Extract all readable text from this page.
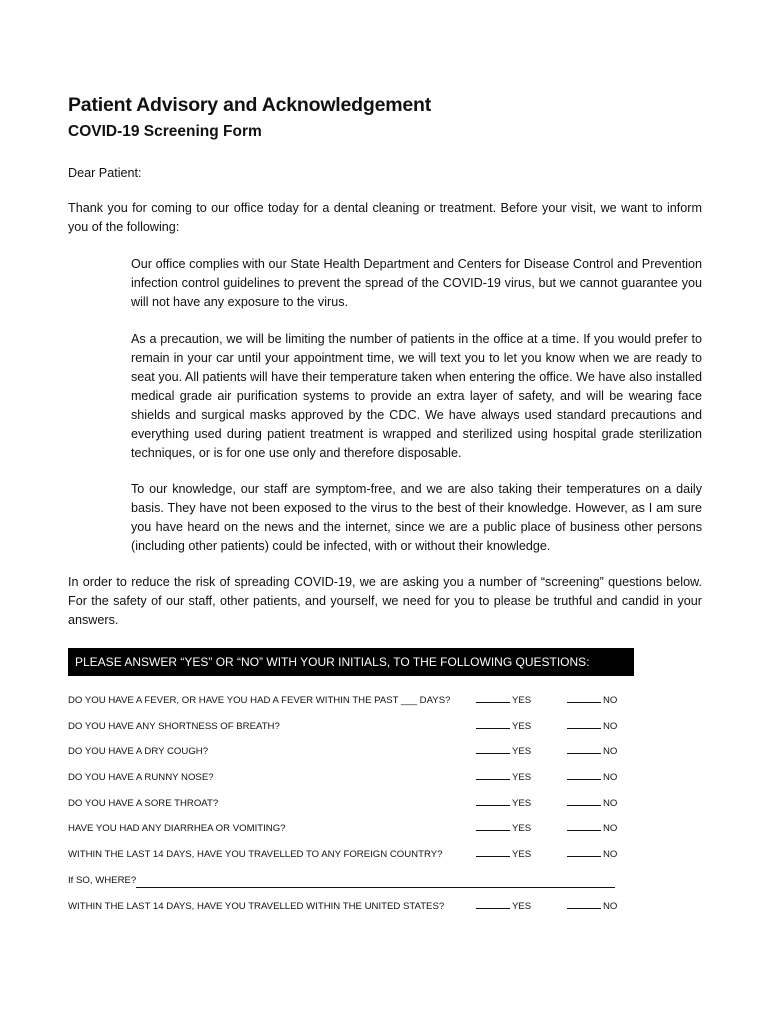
Patient Advisory and Acknowledgement
COVID-19 Screening Form

Dear Patient:

Thank you for coming to our office today for a dental cleaning or treatment. Before your visit, we want to inform you of the following:

Our office complies with our State Health Department and Centers for Disease Control and Prevention infection control guidelines to prevent the spread of the COVID-19 virus, but we cannot guarantee you will not have any exposure to the virus.

As a precaution, we will be limiting the number of patients in the office at a time. If you would prefer to remain in your car until your appointment time, we will text you to let you know when we are ready to seat you. All patients will have their temperature taken when entering the office. We have also installed medical grade air purification systems to provide an extra layer of safety, and will be wearing face shields and surgical masks approved by the CDC. We have always used standard precautions and everything used during patient treatment is wrapped and sterilized using hospital grade sterilization techniques, or is for one use only and therefore disposable.

To our knowledge, our staff are symptom-free, and we are also taking their temperatures on a daily basis. They have not been exposed to the virus to the best of their knowledge. However, as I am sure you have heard on the news and the internet, since we are a public place of business other persons (including other patients) could be infected, with or without their knowledge.

In order to reduce the risk of spreading COVID-19, we are asking you a number of “screening” questions below. For the safety of our staff, other patients, and yourself, we need for you to please be truthful and candid in your answers.

PLEASE ANSWER “YES” OR “NO” WITH YOUR INITIALS, TO THE FOLLOWING QUESTIONS:
DO YOU HAVE A FEVER, OR HAVE YOU HAD A FEVER WITHIN THE PAST ___ DAYS?	YES	NO
DO YOU HAVE ANY SHORTNESS OF BREATH?	YES	NO
DO YOU HAVE A DRY COUGH?	YES	NO
DO YOU HAVE A RUNNY NOSE?	YES	NO
DO YOU HAVE A SORE THROAT?	YES	NO
HAVE YOU HAD ANY DIARRHEA OR VOMITING?	YES	NO
WITHIN THE LAST 14 DAYS, HAVE YOU TRAVELLED TO ANY FOREIGN COUNTRY?	YES	NO
If SO, WHERE?
WITHIN THE LAST 14 DAYS, HAVE YOU TRAVELLED WITHIN THE UNITED STATES?	YES	NO
